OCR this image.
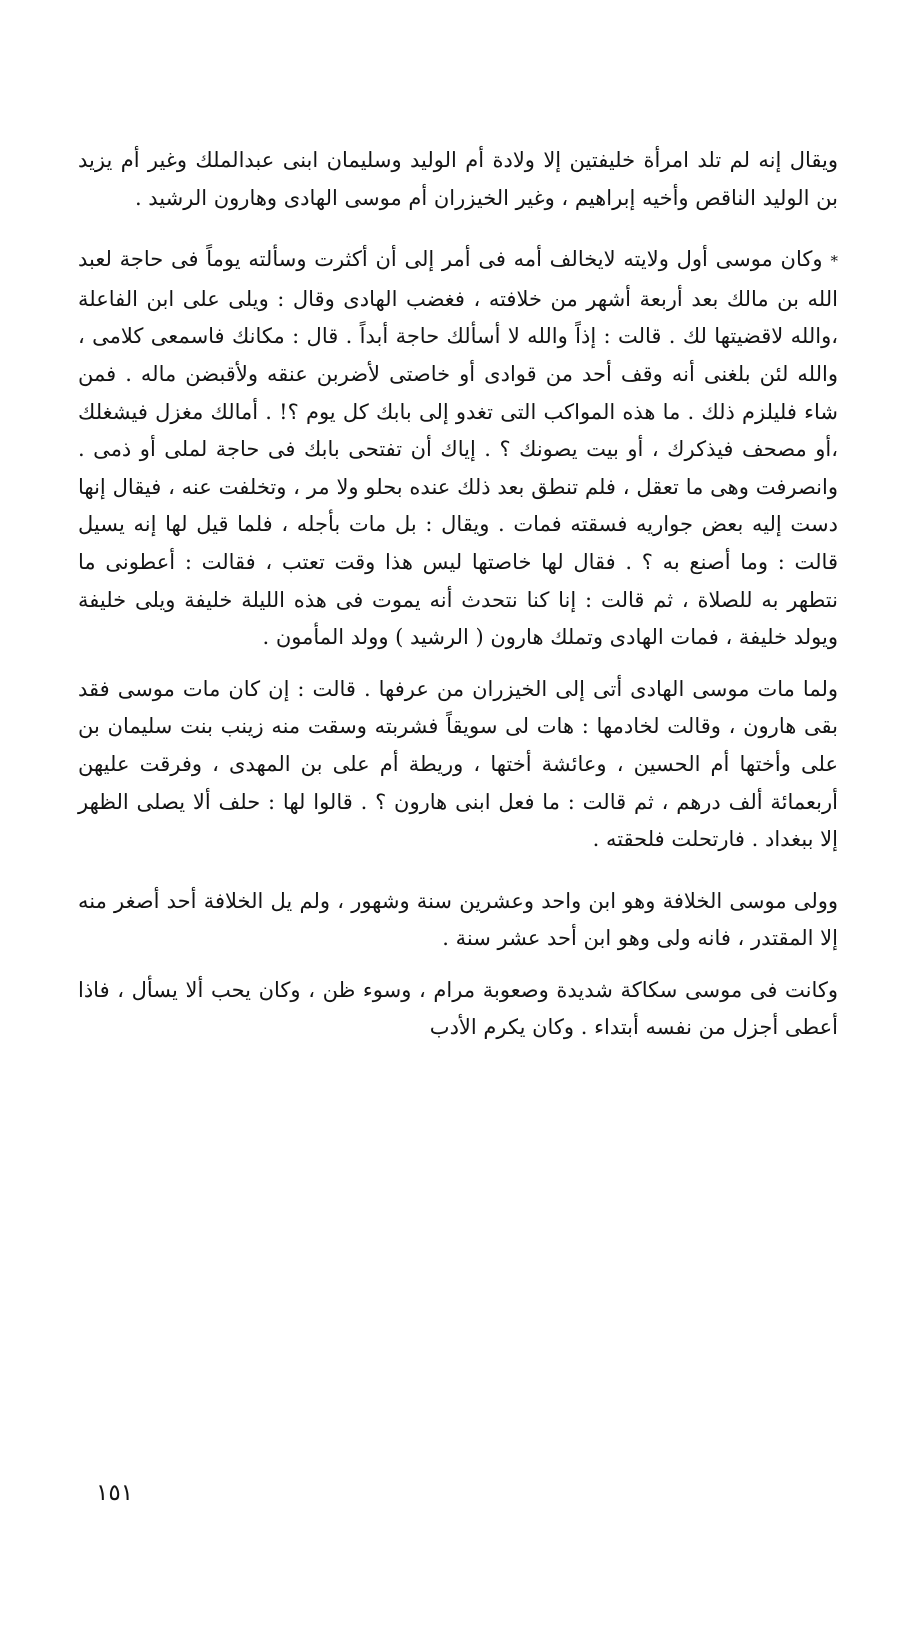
ويقال إنه لم تلد امرأة خليفتين إلا ولادة أم الوليد وسليمان ابنى عبدالملك وغير أم يزيد بن الوليد الناقص وأخيه إبراهيم ، وغير الخيزران أم موسى الهادى وهارون الرشيد .

*وكان موسى أول ولايته لايخالف أمه فى أمر إلى أن أكثرت وسألته يوماً فى حاجة لعبد الله بن مالك بعد أربعة أشهر من خلافته ، فغضب الهادى وقال : ويلى على ابن الفاعلة ،والله لاقضيتها لك . قالت : إذاً والله لا أسألك حاجة أبداً . قال : مكانك فاسمعى كلامى ، والله لئن بلغنى أنه وقف أحد من قوادى أو خاصتى لأضربن عنقه ولأقبضن ماله . فمن شاء فليلزم ذلك . ما هذه المواكب التى تغدو إلى بابك كل يوم ؟! . أمالك مغزل فيشغلك ،أو مصحف فيذكرك ، أو بيت يصونك ؟ . إياك أن تفتحى بابك فى حاجة لملى أو ذمى . وانصرفت وهى ما تعقل ، فلم تنطق بعد ذلك عنده بحلو ولا مر ، وتخلفت عنه ، فيقال إنها دست إليه بعض جواريه فسقته فمات . ويقال : بل مات بأجله ، فلما قيل لها إنه يسيل قالت : وما أصنع به ؟ . فقال لها خاصتها ليس هذا وقت تعتب ، فقالت : أعطونى ما نتطهر به للصلاة ، ثم قالت : إنا كنا نتحدث أنه يموت فى هذه الليلة خليفة ويلى خليفة ويولد خليفة ، فمات الهادى وتملك هارون ( الرشيد ) وولد المأمون .

ولما مات موسى الهادى أتى إلى الخيزران من عرفها . قالت : إن كان مات موسى فقد بقى هارون ، وقالت لخادمها : هات لى سويقاً فشربته وسقت منه زينب بنت سليمان بن على وأختها أم الحسين ، وعائشة أختها ، وريطة أم على بن المهدى ، وفرقت عليهن أربعمائة ألف درهم ، ثم قالت : ما فعل ابنى هارون ؟ . قالوا لها : حلف ألا يصلى الظهر إلا ببغداد . فارتحلت فلحقته .

وولى موسى الخلافة وهو ابن واحد وعشرين سنة وشهور ، ولم يل الخلافة أحد أصغر منه إلا المقتدر ، فانه ولى وهو ابن أحد عشر سنة .

وكانت فى موسى سكاكة شديدة وصعوبة مرام ، وسوء ظن ، وكان يحب ألا يسأل ، فاذا أعطى أجزل من نفسه أبتداء . وكان يكرم الأدب

١٥١
